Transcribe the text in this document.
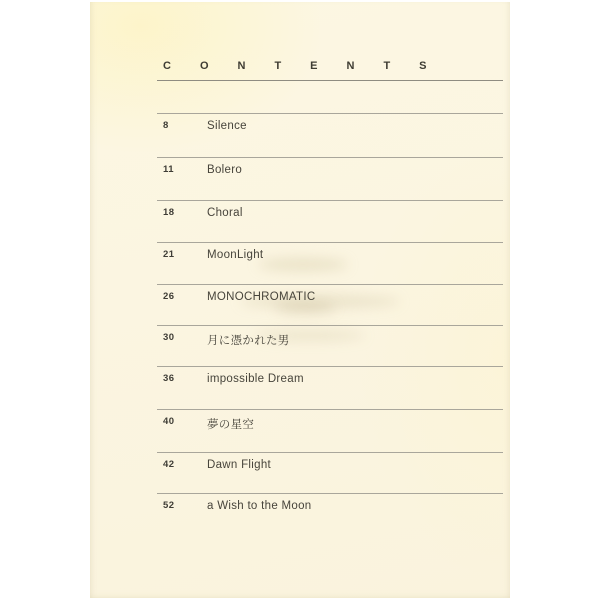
CONTENTS
8	Silence
11	Bolero
18	Choral
21	MoonLight
26	MONOCHROMATIC
30	月に憑かれた男
36	impossible Dream
40	夢の星空
42	Dawn Flight
52	a Wish to the Moon
